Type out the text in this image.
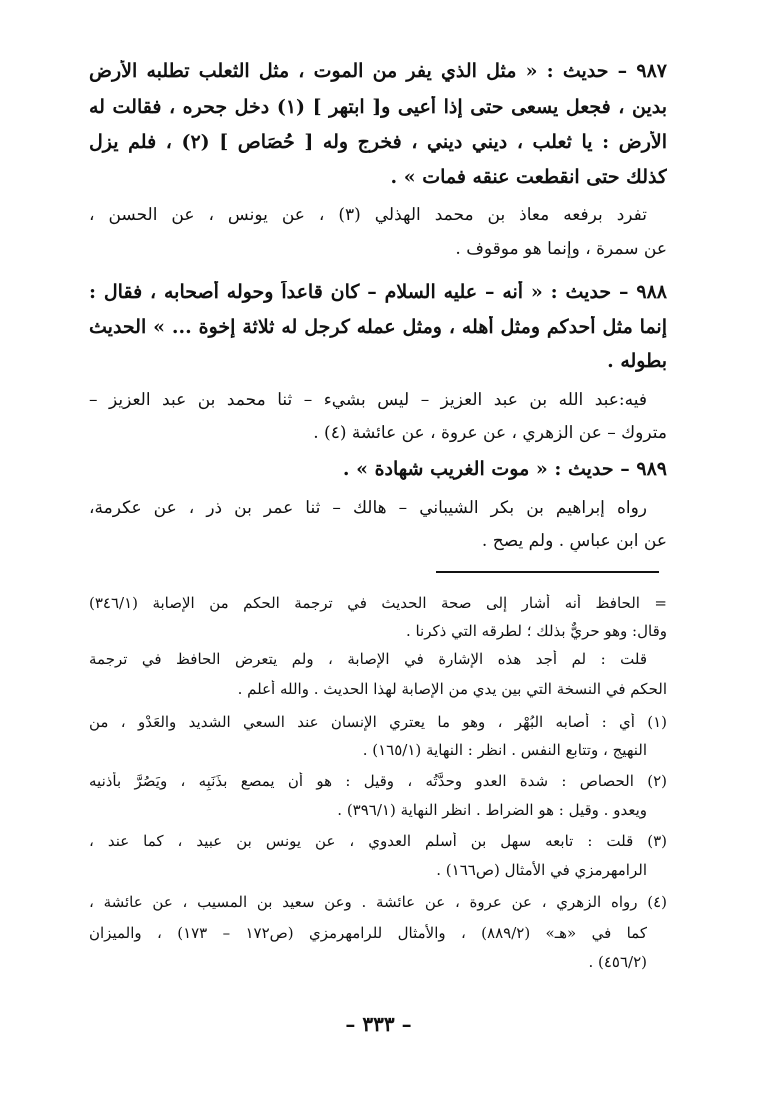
٩٨٧ – حديث : « مثل الذي يفر من الموت ، مثل الثعلب تطلبه الأرض
بدين ، فجعل يسعى حتى إذا أعيى و[ ابتهر ] (١) دخل جحره ، فقالت له
الأرض : يا ثعلب ، ديني ديني ، فخرج وله [ حُصَاص ] (٢) ، فلم يزل
كذلك حتى انقطعت عنقه فمات » .
تفرد برفعه معاذ بن محمد الهذلي (٣) ، عن يونس ، عن الحسن ،
عن سمرة ، وإنما هو موقوف .
٩٨٨ – حديث : « أنه – عليه السلام – كان قاعداً وحوله أصحابه ، فقال :
إنما مثل أحدكم ومثل أهله ، ومثل عمله كرجل له ثلاثة إخوة ... » الحديث
بطوله .
فيه:عبد الله بن عبد العزيز – ليس بشيء – ثنا محمد بن عبد العزيز –
متروك – عن الزهري ، عن عروة ، عن عائشة (٤) .
٩٨٩ – حديث : « موت الغريب شهادة » .
رواه إبراهيم بن بكر الشيباني – هالك – ثنا عمر بن ذر ، عن عكرمة،
عن ابن عباسٍ . ولم يصح .
= الحافظ أنه أشار إلى صحة الحديث في ترجمة الحكم من الإصابة (٣٤٦/١)
وقال: وهو حريٌّ بذلك ؛ لطرقه التي ذكرنا .
قلت : لم أجد هذه الإشارة في الإصابة ، ولم يتعرض الحافظ في ترجمة
الحكم في النسخة التي بين يدي من الإصابة لهذا الحديث . والله أعلم .
(١) أي : أصابه البُهْر ، وهو ما يعتري الإنسان عند السعي الشديد والعَدْو ، من
النهيج ، وتتابع النفس . انظر : النهاية (١٦٥/١) .
(٢) الحصاص : شدة العدو وحدَّتُه ، وقيل : هو أن يمصع بذَنَبِه ، ويَصُرَّ بأذنيه
ويعدو . وقيل : هو الضراط . انظر النهاية (٣٩٦/١) .
(٣) قلت : تابعه سهل بن أسلم العدوي ، عن يونس بن عبيد ، كما عند ،
الرامهرمزي في الأمثال (ص١٦٦) .
(٤) رواه الزهري ، عن عروة ، عن عائشة . وعن سعيد بن المسيب ، عن عائشة ،
كما في «هـ» (٨٨٩/٢) ، والأمثال للرامهرمزي (ص١٧٢ – ١٧٣) ، والميزان
(٤٥٦/٢) .
– ٣٣٣ –
